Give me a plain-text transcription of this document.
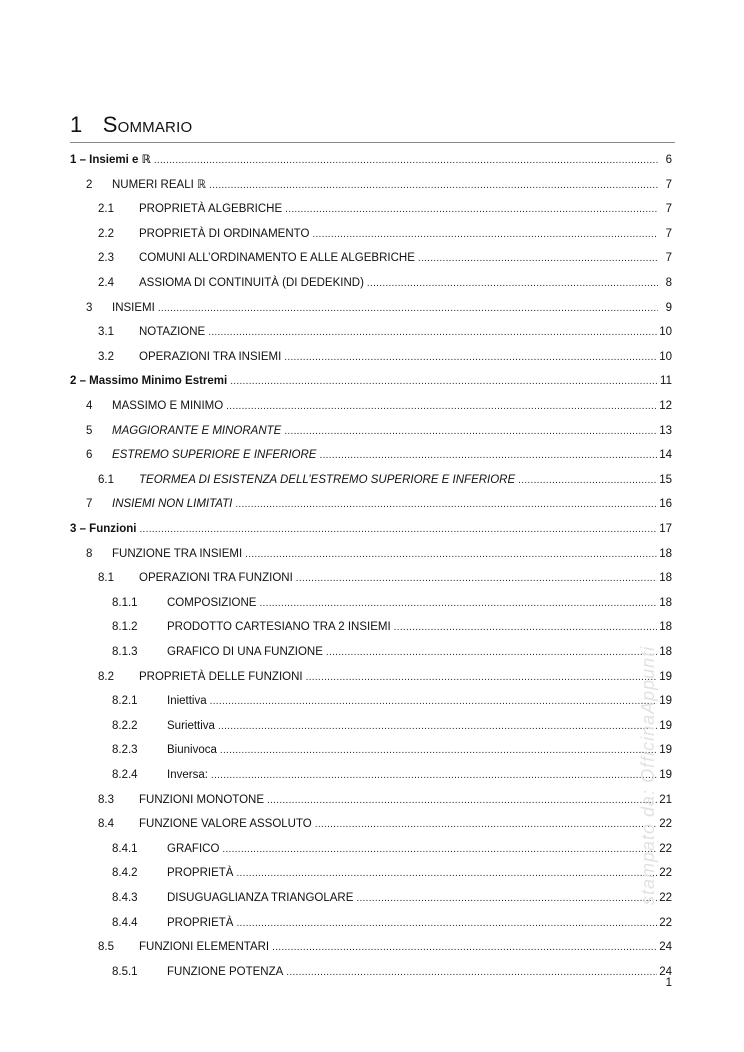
1 Sommario
1 – Insiemi e ℝ .....	6
2	NUMERI REALI ℝ .....	7
2.1	PROPRIETÀ ALGEBRICHE .....	7
2.2	PROPRIETÀ DI ORDINAMENTO .....	7
2.3	COMUNI ALL’ORDINAMENTO E ALLE ALGEBRICHE .....	7
2.4	ASSIOMA DI CONTINUITÀ (DI DEDEKIND) .....	8
3	INSIEMI .....	9
3.1	NOTAZIONE .....	10
3.2	OPERAZIONI TRA INSIEMI .....	10
2 – Massimo Minimo Estremi .....	11
4	MASSIMO E MINIMO .....	12
5	MAGGIORANTE E MINORANTE .....	13
6	ESTREMO SUPERIORE E INFERIORE .....	14
6.1	TEORMEA DI ESISTENZA DELL’ESTREMO SUPERIORE E INFERIORE .....	15
7	INSIEMI NON LIMITATI .....	16
3 – Funzioni .....	17
8	FUNZIONE TRA INSIEMI .....	18
8.1	OPERAZIONI TRA FUNZIONI .....	18
8.1.1	COMPOSIZIONE .....	18
8.1.2	PRODOTTO CARTESIANO TRA 2 INSIEMI .....	18
8.1.3	GRAFICO DI UNA FUNZIONE .....	18
8.2	PROPRIETÀ DELLE FUNZIONI .....	19
8.2.1	Iniettiva .....	19
8.2.2	Suriettiva .....	19
8.2.3	Biunivoca .....	19
8.2.4	Inversa: .....	19
8.3	FUNZIONI MONOTONE .....	21
8.4	FUNZIONE VALORE ASSOLUTO .....	22
8.4.1	GRAFICO .....	22
8.4.2	PROPRIETÀ .....	22
8.4.3	DISUGUAGLIANZA TRIANGOLARE .....	22
8.4.4	PROPRIETÀ .....	22
8.5	FUNZIONI ELEMENTARI .....	24
8.5.1	FUNZIONE POTENZA .....	24
stampato da: OfficinaAppunti
1
